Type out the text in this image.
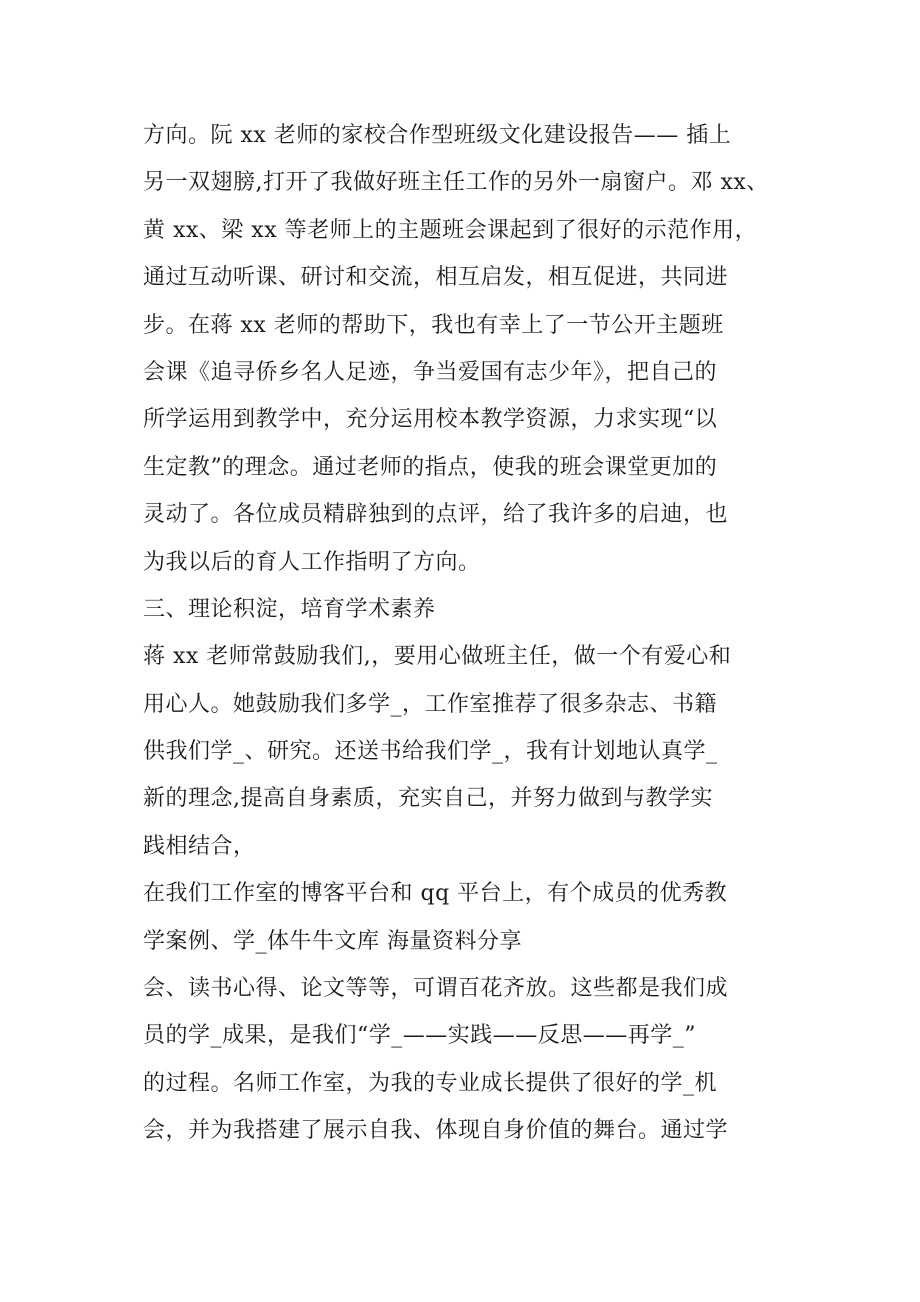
方向。阮 xx 老师的家校合作型班级文化建设报告—— 插上
另一双翅膀,打开了我做好班主任工作的另外一扇窗户。邓 xx、
黄 xx、梁 xx 等老师上的主题班会课起到了很好的示范作用，
通过互动听课、研讨和交流，相互启发，相互促进，共同进
步。在蒋 xx 老师的帮助下，我也有幸上了一节公开主题班
会课《追寻侨乡名人足迹，争当爱国有志少年》，把自己的
所学运用到教学中，充分运用校本教学资源，力求实现“以
生定教”的理念。通过老师的指点，使我的班会课堂更加的
灵动了。各位成员精辟独到的点评，给了我许多的启迪，也
为我以后的育人工作指明了方向。
三、理论积淀，培育学术素养
蒋 xx 老师常鼓励我们,，要用心做班主任，做一个有爱心和
用心人。她鼓励我们多学_，工作室推荐了很多杂志、书籍
供我们学_、研究。还送书给我们学_，我有计划地认真学_
新的理念,提高自身素质，充实自己，并努力做到与教学实
践相结合，
在我们工作室的博客平台和 qq 平台上，有个成员的优秀教
学案例、学_体牛牛文库 海量资料分享
会、读书心得、论文等等，可谓百花齐放。这些都是我们成
员的学_成果，是我们“学_——实践——反思——再学_”
的过程。名师工作室，为我的专业成长提供了很好的学_机
会，并为我搭建了展示自我、体现自身价值的舞台。通过学
